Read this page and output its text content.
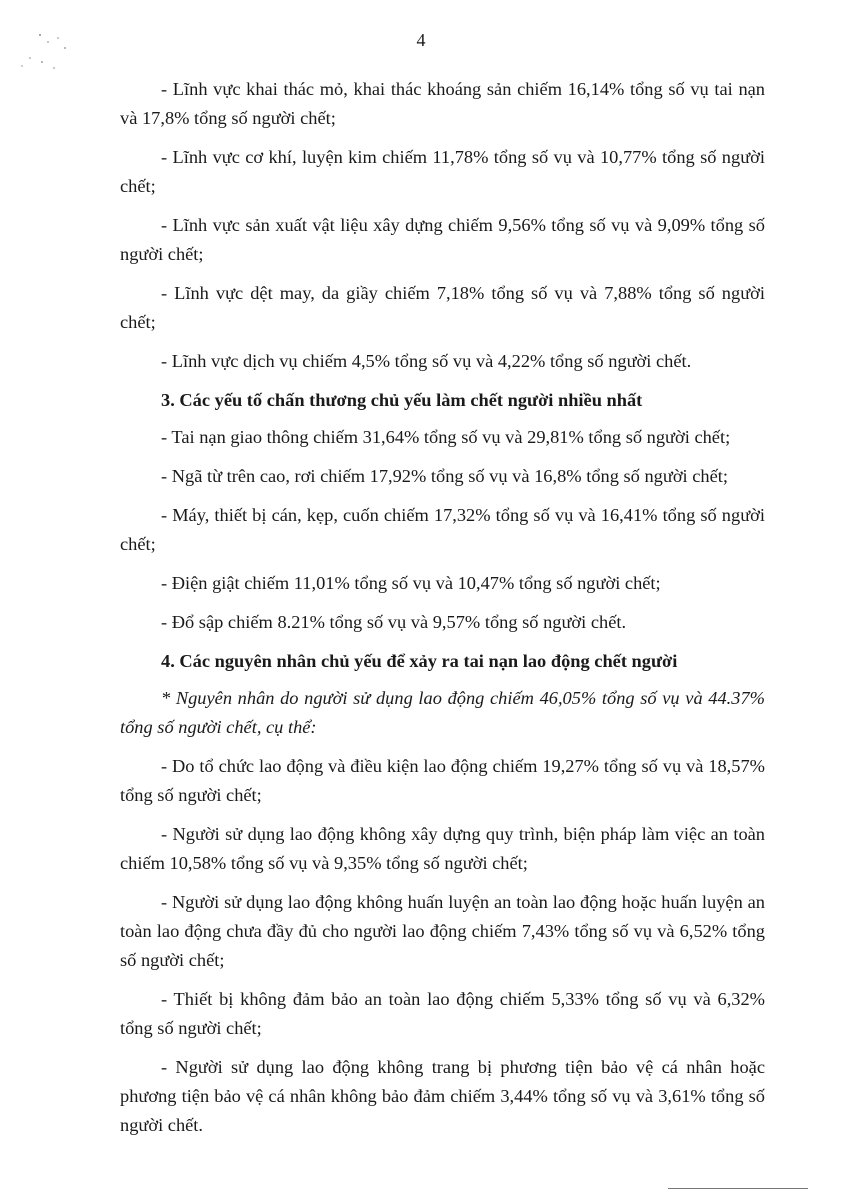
4

- Lĩnh vực khai thác mỏ, khai thác khoáng sản chiếm 16,14% tổng số vụ tai nạn và 17,8% tổng số người chết;

- Lĩnh vực cơ khí, luyện kim chiếm 11,78% tổng số vụ và 10,77% tổng số người chết;

- Lĩnh vực sản xuất vật liệu xây dựng chiếm 9,56% tổng số vụ và 9,09% tổng số người chết;

- Lĩnh vực dệt may, da giầy chiếm 7,18% tổng số vụ và 7,88% tổng số người chết;

- Lĩnh vực dịch vụ chiếm 4,5% tổng số vụ và 4,22% tổng số người chết.

3. Các yếu tố chấn thương chủ yếu làm chết người nhiều nhất

- Tai nạn giao thông chiếm 31,64% tổng số vụ và 29,81% tổng số người chết;

- Ngã từ trên cao, rơi chiếm 17,92% tổng số vụ và 16,8% tổng số người chết;

- Máy, thiết bị cán, kẹp, cuốn chiếm 17,32% tổng số vụ và 16,41% tổng số người chết;

- Điện giật chiếm 11,01% tổng số vụ và 10,47% tổng số người chết;

- Đổ sập chiếm 8.21% tổng số vụ và 9,57% tổng số người chết.

4. Các nguyên nhân chủ yếu để xảy ra tai nạn lao động chết người

* Nguyên nhân do người sử dụng lao động chiếm 46,05% tổng số vụ và 44.37% tổng số người chết, cụ thể:

- Do tổ chức lao động và điều kiện lao động chiếm 19,27% tổng số vụ và 18,57% tổng số người chết;

- Người sử dụng lao động không xây dựng quy trình, biện pháp làm việc an toàn chiếm 10,58% tổng số vụ và 9,35% tổng số người chết;

- Người sử dụng lao động không huấn luyện an toàn lao động hoặc huấn luyện an toàn lao động chưa đầy đủ cho người lao động chiếm 7,43% tổng số vụ và 6,52% tổng số người chết;

- Thiết bị không đảm bảo an toàn lao động chiếm 5,33% tổng số vụ và 6,32% tổng số người chết;

- Người sử dụng lao động không trang bị phương tiện bảo vệ cá nhân hoặc phương tiện bảo vệ cá nhân không bảo đảm chiếm 3,44% tổng số vụ và 3,61% tổng số người chết.
